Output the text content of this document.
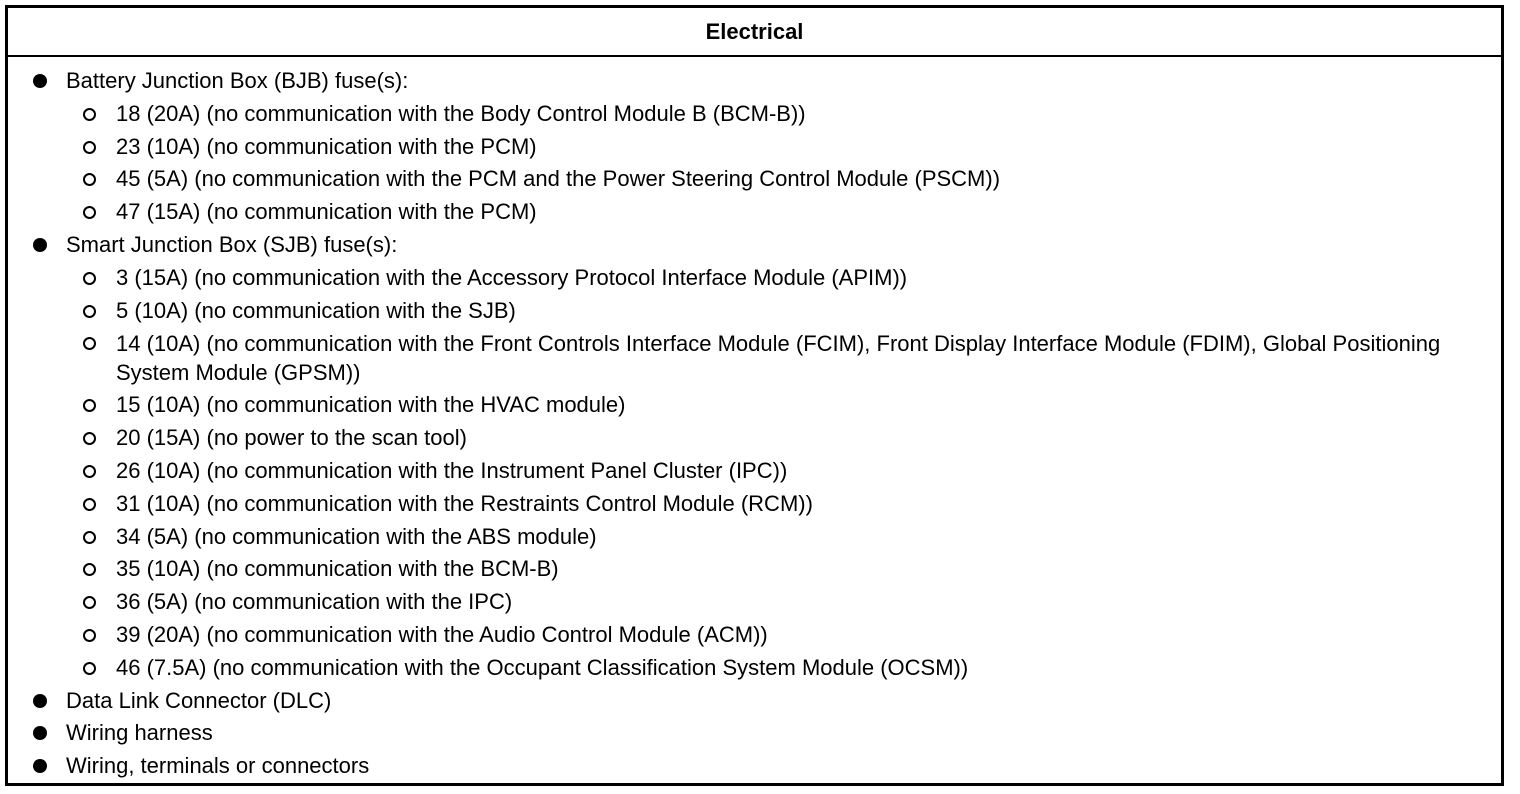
Electrical
Battery Junction Box (BJB) fuse(s):
18 (20A) (no communication with the Body Control Module B (BCM-B))
23 (10A) (no communication with the PCM)
45 (5A) (no communication with the PCM and the Power Steering Control Module (PSCM))
47 (15A) (no communication with the PCM)
Smart Junction Box (SJB) fuse(s):
3 (15A) (no communication with the Accessory Protocol Interface Module (APIM))
5 (10A) (no communication with the SJB)
14 (10A) (no communication with the Front Controls Interface Module (FCIM), Front Display Interface Module (FDIM), Global Positioning System Module (GPSM))
15 (10A) (no communication with the HVAC module)
20 (15A) (no power to the scan tool)
26 (10A) (no communication with the Instrument Panel Cluster (IPC))
31 (10A) (no communication with the Restraints Control Module (RCM))
34 (5A) (no communication with the ABS module)
35 (10A) (no communication with the BCM-B)
36 (5A) (no communication with the IPC)
39 (20A) (no communication with the Audio Control Module (ACM))
46 (7.5A) (no communication with the Occupant Classification System Module (OCSM))
Data Link Connector (DLC)
Wiring harness
Wiring, terminals or connectors
